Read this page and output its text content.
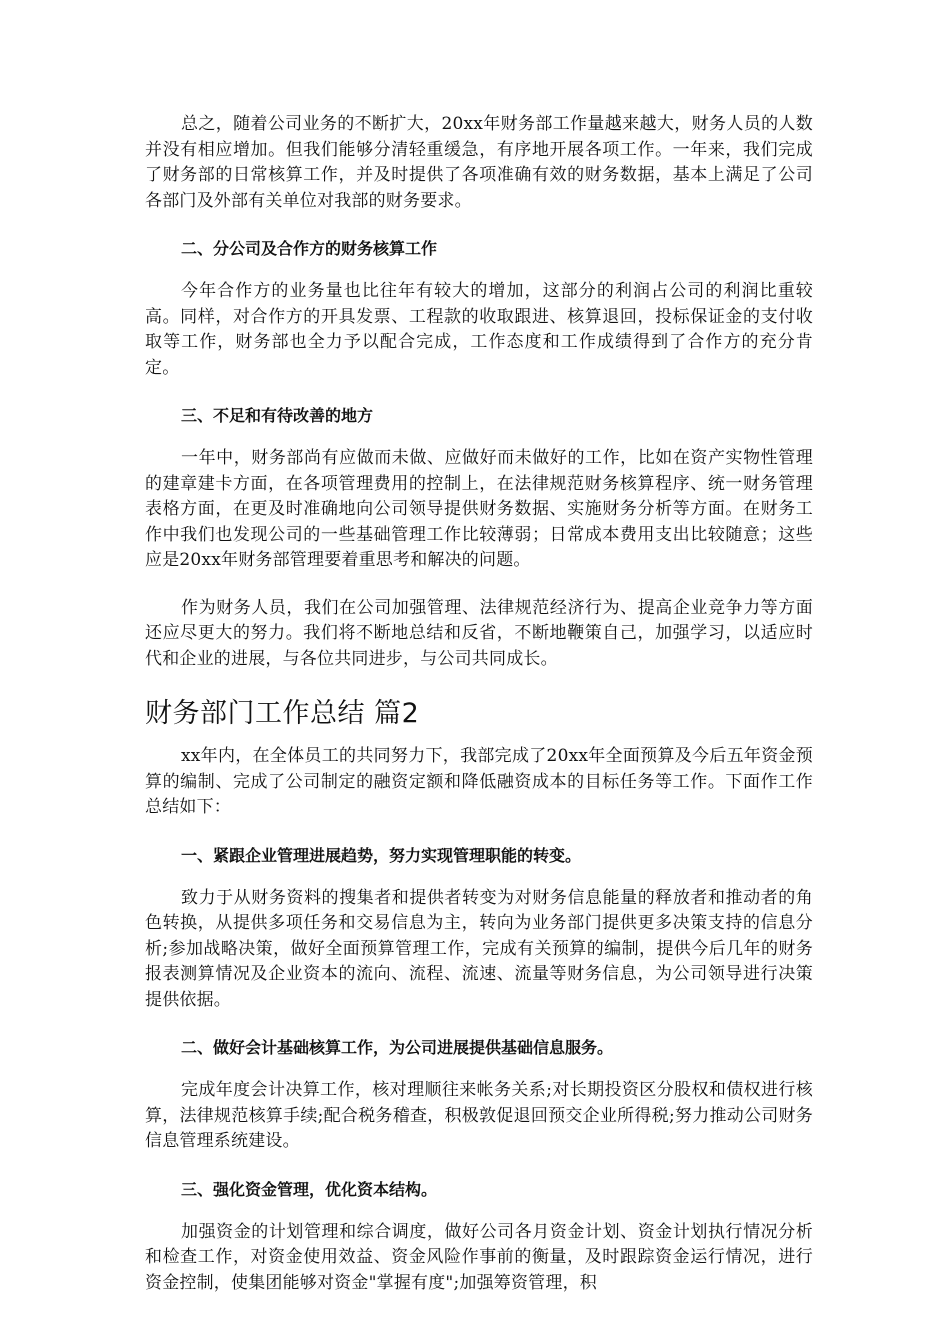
总之，随着公司业务的不断扩大，20xx年财务部工作量越来越大，财务人员的人数并没有相应增加。但我们能够分清轻重缓急，有序地开展各项工作。一年来，我们完成了财务部的日常核算工作，并及时提供了各项准确有效的财务数据，基本上满足了公司各部门及外部有关单位对我部的财务要求。

二、分公司及合作方的财务核算工作

今年合作方的业务量也比往年有较大的增加，这部分的利润占公司的利润比重较高。同样，对合作方的开具发票、工程款的收取跟进、核算退回，投标保证金的支付收取等工作，财务部也全力予以配合完成，工作态度和工作成绩得到了合作方的充分肯定。

三、不足和有待改善的地方

一年中，财务部尚有应做而未做、应做好而未做好的工作，比如在资产实物性管理的建章建卡方面，在各项管理费用的控制上，在法律规范财务核算程序、统一财务管理表格方面，在更及时准确地向公司领导提供财务数据、实施财务分析等方面。在财务工作中我们也发现公司的一些基础管理工作比较薄弱；日常成本费用支出比较随意；这些应是20xx年财务部管理要着重思考和解决的问题。

作为财务人员，我们在公司加强管理、法律规范经济行为、提高企业竞争力等方面还应尽更大的努力。我们将不断地总结和反省，不断地鞭策自己，加强学习，以适应时代和企业的进展，与各位共同进步，与公司共同成长。

财务部门工作总结 篇2

xx年内，在全体员工的共同努力下，我部完成了20xx年全面预算及今后五年资金预算的编制、完成了公司制定的融资定额和降低融资成本的目标任务等工作。下面作工作总结如下：

一、紧跟企业管理进展趋势，努力实现管理职能的转变。

致力于从财务资料的搜集者和提供者转变为对财务信息能量的释放者和推动者的角色转换，从提供多项任务和交易信息为主，转向为业务部门提供更多决策支持的信息分析;参加战略决策，做好全面预算管理工作，完成有关预算的编制，提供今后几年的财务报表测算情况及企业资本的流向、流程、流速、流量等财务信息，为公司领导进行决策提供依据。

二、做好会计基础核算工作，为公司进展提供基础信息服务。

完成年度会计决算工作，核对理顺往来帐务关系;对长期投资区分股权和债权进行核算，法律规范核算手续;配合税务稽查，积极敦促退回预交企业所得税;努力推动公司财务信息管理系统建设。

三、强化资金管理，优化资本结构。

加强资金的计划管理和综合调度，做好公司各月资金计划、资金计划执行情况分析和检查工作，对资金使用效益、资金风险作事前的衡量，及时跟踪资金运行情况，进行资金控制，使集团能够对资金"掌握有度";加强筹资管理，积
